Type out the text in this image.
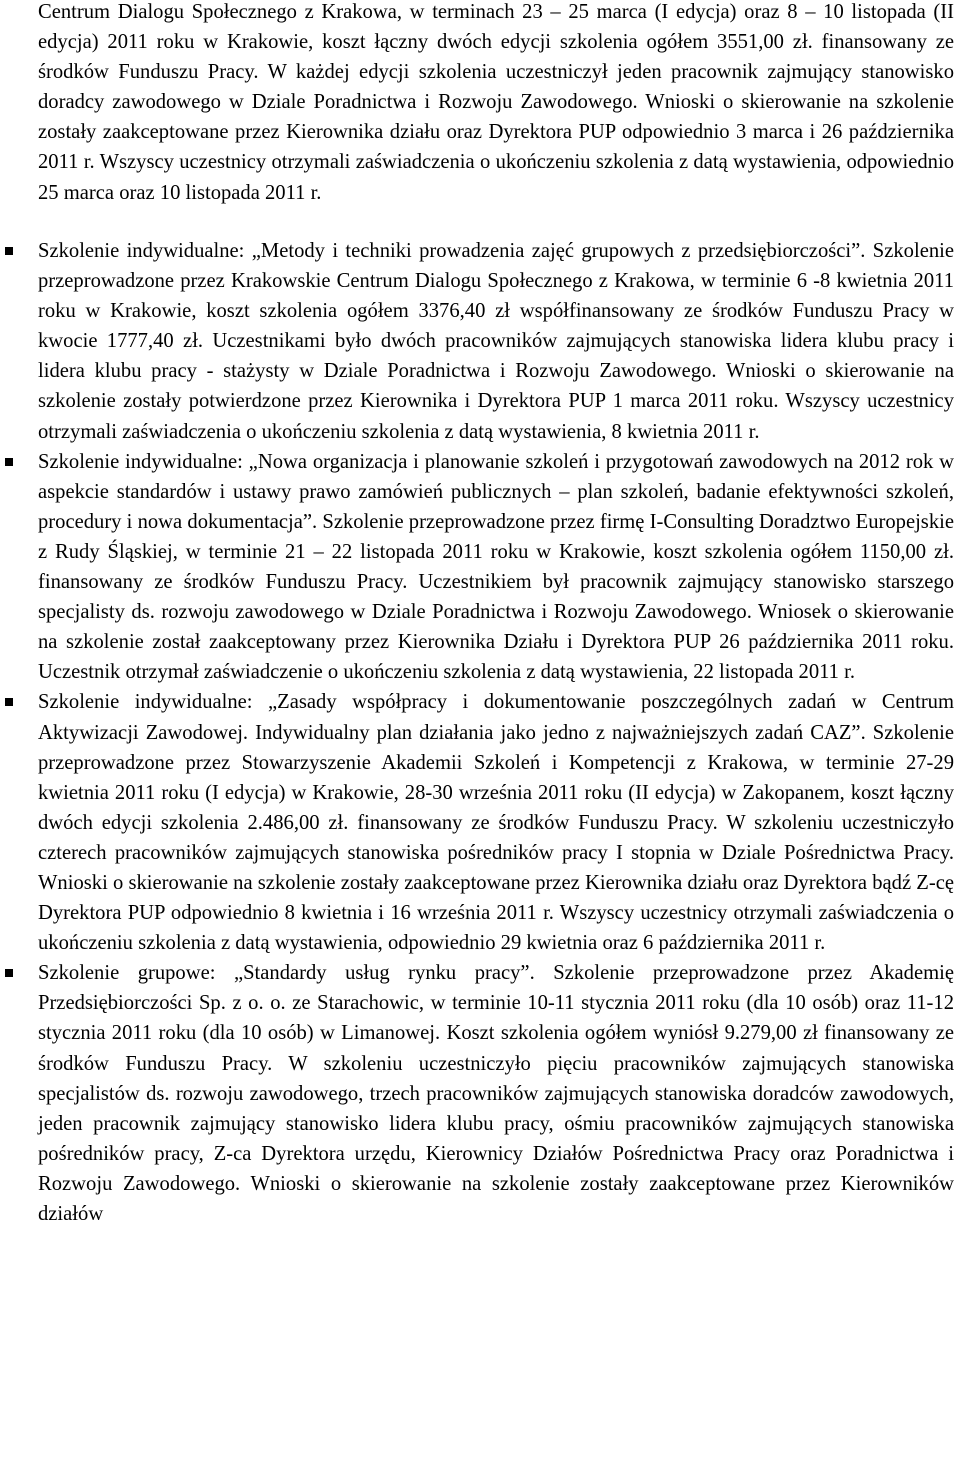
Centrum Dialogu Społecznego z Krakowa, w terminach 23 – 25 marca (I edycja) oraz 8 – 10 listopada (II edycja) 2011 roku w Krakowie, koszt łączny dwóch edycji szkolenia ogółem 3551,00 zł. finansowany ze środków Funduszu Pracy. W każdej edycji szkolenia uczestniczył jeden pracownik zajmujący stanowisko doradcy zawodowego w Dziale Poradnictwa i Rozwoju Zawodowego. Wnioski o skierowanie na szkolenie zostały zaakceptowane przez Kierownika działu oraz Dyrektora PUP odpowiednio 3 marca i 26 października 2011 r. Wszyscy uczestnicy otrzymali zaświadczenia o ukończeniu szkolenia z datą wystawienia, odpowiednio 25 marca oraz 10 listopada 2011 r.

Szkolenie indywidualne: „Metody i techniki prowadzenia zajęć grupowych z przedsiębiorczości”. Szkolenie przeprowadzone przez Krakowskie Centrum Dialogu Społecznego z Krakowa, w terminie 6 -8 kwietnia 2011 roku w Krakowie, koszt szkolenia ogółem 3376,40 zł współfinansowany ze środków Funduszu Pracy w kwocie 1777,40 zł. Uczestnikami było dwóch pracowników zajmujących stanowiska lidera klubu pracy i lidera klubu pracy - stażysty w Dziale Poradnictwa i Rozwoju Zawodowego. Wnioski o skierowanie na szkolenie zostały potwierdzone przez Kierownika i Dyrektora PUP 1 marca 2011 roku. Wszyscy uczestnicy otrzymali zaświadczenia o ukończeniu szkolenia z datą wystawienia, 8 kwietnia 2011 r.

Szkolenie indywidualne: „Nowa organizacja i planowanie szkoleń i przygotowań zawodowych na 2012 rok w aspekcie standardów i ustawy prawo zamówień publicznych – plan szkoleń, badanie efektywności szkoleń, procedury i nowa dokumentacja”. Szkolenie przeprowadzone przez firmę I-Consulting Doradztwo Europejskie z Rudy Śląskiej, w terminie 21 – 22 listopada 2011 roku w Krakowie, koszt szkolenia ogółem 1150,00 zł. finansowany ze środków Funduszu Pracy. Uczestnikiem był pracownik zajmujący stanowisko starszego specjalisty ds. rozwoju zawodowego w Dziale Poradnictwa i Rozwoju Zawodowego. Wniosek o skierowanie na szkolenie został zaakceptowany przez Kierownika Działu i Dyrektora PUP 26 października 2011 roku. Uczestnik otrzymał zaświadczenie o ukończeniu szkolenia z datą wystawienia, 22 listopada 2011 r.

Szkolenie indywidualne: „Zasady współpracy i dokumentowanie poszczególnych zadań w Centrum Aktywizacji Zawodowej. Indywidualny plan działania jako jedno z najważniejszych zadań CAZ”. Szkolenie przeprowadzone przez Stowarzyszenie Akademii Szkoleń i Kompetencji z Krakowa, w terminie 27-29 kwietnia 2011 roku (I edycja) w Krakowie, 28-30 września 2011 roku (II edycja) w Zakopanem, koszt łączny dwóch edycji szkolenia 2.486,00 zł. finansowany ze środków Funduszu Pracy. W szkoleniu uczestniczyło czterech pracowników zajmujących stanowiska pośredników pracy I stopnia w Dziale Pośrednictwa Pracy. Wnioski o skierowanie na szkolenie zostały zaakceptowane przez Kierownika działu oraz Dyrektora bądź Z-cę Dyrektora PUP odpowiednio 8 kwietnia i 16 września 2011 r. Wszyscy uczestnicy otrzymali zaświadczenia o ukończeniu szkolenia z datą wystawienia, odpowiednio 29 kwietnia oraz 6 października 2011 r.

Szkolenie grupowe: „Standardy usług rynku pracy”. Szkolenie przeprowadzone przez Akademię Przedsiębiorczości Sp. z o. o. ze Starachowic, w terminie 10-11 stycznia 2011 roku (dla 10 osób) oraz 11-12 stycznia 2011 roku (dla 10 osób) w Limanowej. Koszt szkolenia ogółem wyniósł 9.279,00 zł finansowany ze środków Funduszu Pracy. W szkoleniu uczestniczyło pięciu pracowników zajmujących stanowiska specjalistów ds. rozwoju zawodowego, trzech pracowników zajmujących stanowiska doradców zawodowych, jeden pracownik zajmujący stanowisko lidera klubu pracy, ośmiu pracowników zajmujących stanowiska pośredników pracy, Z-ca Dyrektora urzędu, Kierownicy Działów Pośrednictwa Pracy oraz Poradnictwa i Rozwoju Zawodowego. Wnioski o skierowanie na szkolenie zostały zaakceptowane przez Kierowników działów
